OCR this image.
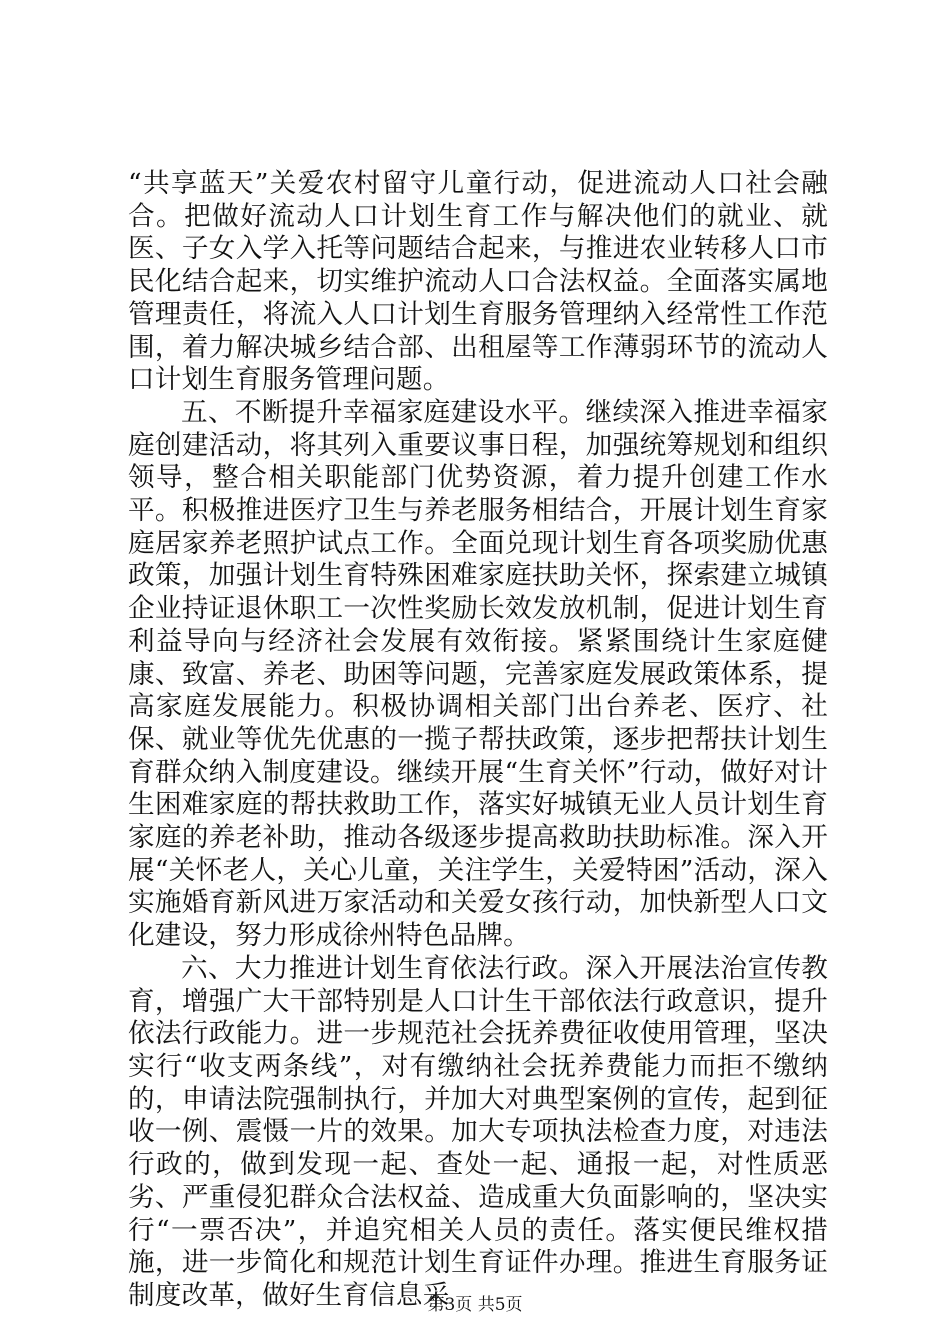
“共享蓝天”关爱农村留守儿童行动，促进流动人口社会融合。把做好流动人口计划生育工作与解决他们的就业、就医、子女入学入托等问题结合起来，与推进农业转移人口市民化结合起来，切实维护流动人口合法权益。全面落实属地管理责任，将流入人口计划生育服务管理纳入经常性工作范围，着力解决城乡结合部、出租屋等工作薄弱环节的流动人口计划生育服务管理问题。

五、不断提升幸福家庭建设水平。继续深入推进幸福家庭创建活动，将其列入重要议事日程，加强统筹规划和组织领导，整合相关职能部门优势资源，着力提升创建工作水平。积极推进医疗卫生与养老服务相结合，开展计划生育家庭居家养老照护试点工作。全面兑现计划生育各项奖励优惠政策，加强计划生育特殊困难家庭扶助关怀，探索建立城镇企业持证退休职工一次性奖励长效发放机制，促进计划生育利益导向与经济社会发展有效衔接。紧紧围绕计生家庭健康、致富、养老、助困等问题，完善家庭发展政策体系，提高家庭发展能力。积极协调相关部门出台养老、医疗、社保、就业等优先优惠的一揽子帮扶政策，逐步把帮扶计划生育群众纳入制度建设。继续开展“生育关怀”行动，做好对计生困难家庭的帮扶救助工作，落实好城镇无业人员计划生育家庭的养老补助，推动各级逐步提高救助扶助标准。深入开展“关怀老人，关心儿童，关注学生，关爱特困”活动，深入实施婚育新风进万家活动和关爱女孩行动，加快新型人口文化建设，努力形成徐州特色品牌。

六、大力推进计划生育依法行政。深入开展法治宣传教育，增强广大干部特别是人口计生干部依法行政意识，提升依法行政能力。进一步规范社会抚养费征收使用管理，坚决实行“收支两条线”，对有缴纳社会抚养费能力而拒不缴纳的，申请法院强制执行，并加大对典型案例的宣传，起到征收一例、震慑一片的效果。加大专项执法检查力度，对违法行政的，做到发现一起、查处一起、通报一起，对性质恶劣、严重侵犯群众合法权益、造成重大负面影响的，坚决实行“一票否决”，并追究相关人员的责任。落实便民维权措施，进一步简化和规范计划生育证件办理。推进生育服务证制度改革，做好生育信息采

第3页 共5页
